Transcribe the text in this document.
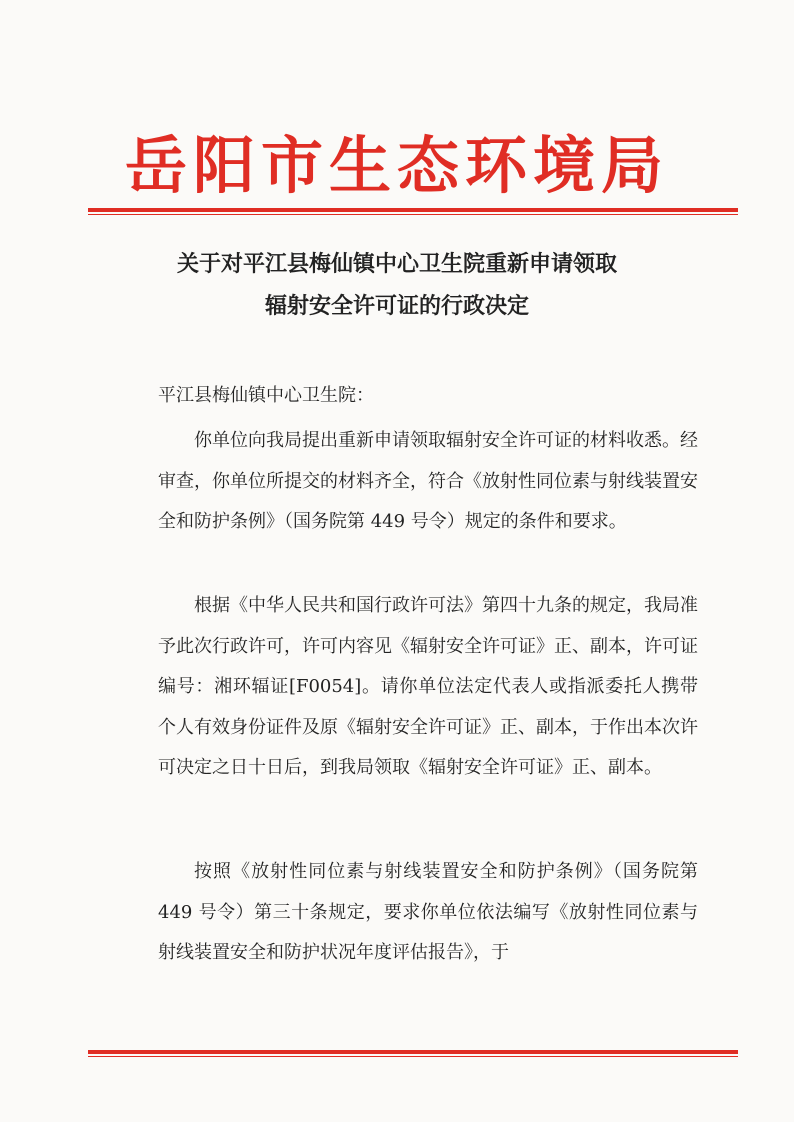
岳阳市生态环境局
关于对平江县梅仙镇中心卫生院重新申请领取
辐射安全许可证的行政决定
平江县梅仙镇中心卫生院：

你单位向我局提出重新申请领取辐射安全许可证的材料收悉。经审查，你单位所提交的材料齐全，符合《放射性同位素与射线装置安全和防护条例》（国务院第 449 号令）规定的条件和要求。

根据《中华人民共和国行政许可法》第四十九条的规定，我局准予此次行政许可，许可内容见《辐射安全许可证》正、副本，许可证编号：湘环辐证[F0054]。请你单位法定代表人或指派委托人携带个人有效身份证件及原《辐射安全许可证》正、副本，于作出本次许可决定之日十日后，到我局领取《辐射安全许可证》正、副本。

按照《放射性同位素与射线装置安全和防护条例》（国务院第 449 号令）第三十条规定，要求你单位依法编写《放射性同位素与射线装置安全和防护状况年度评估报告》，于
